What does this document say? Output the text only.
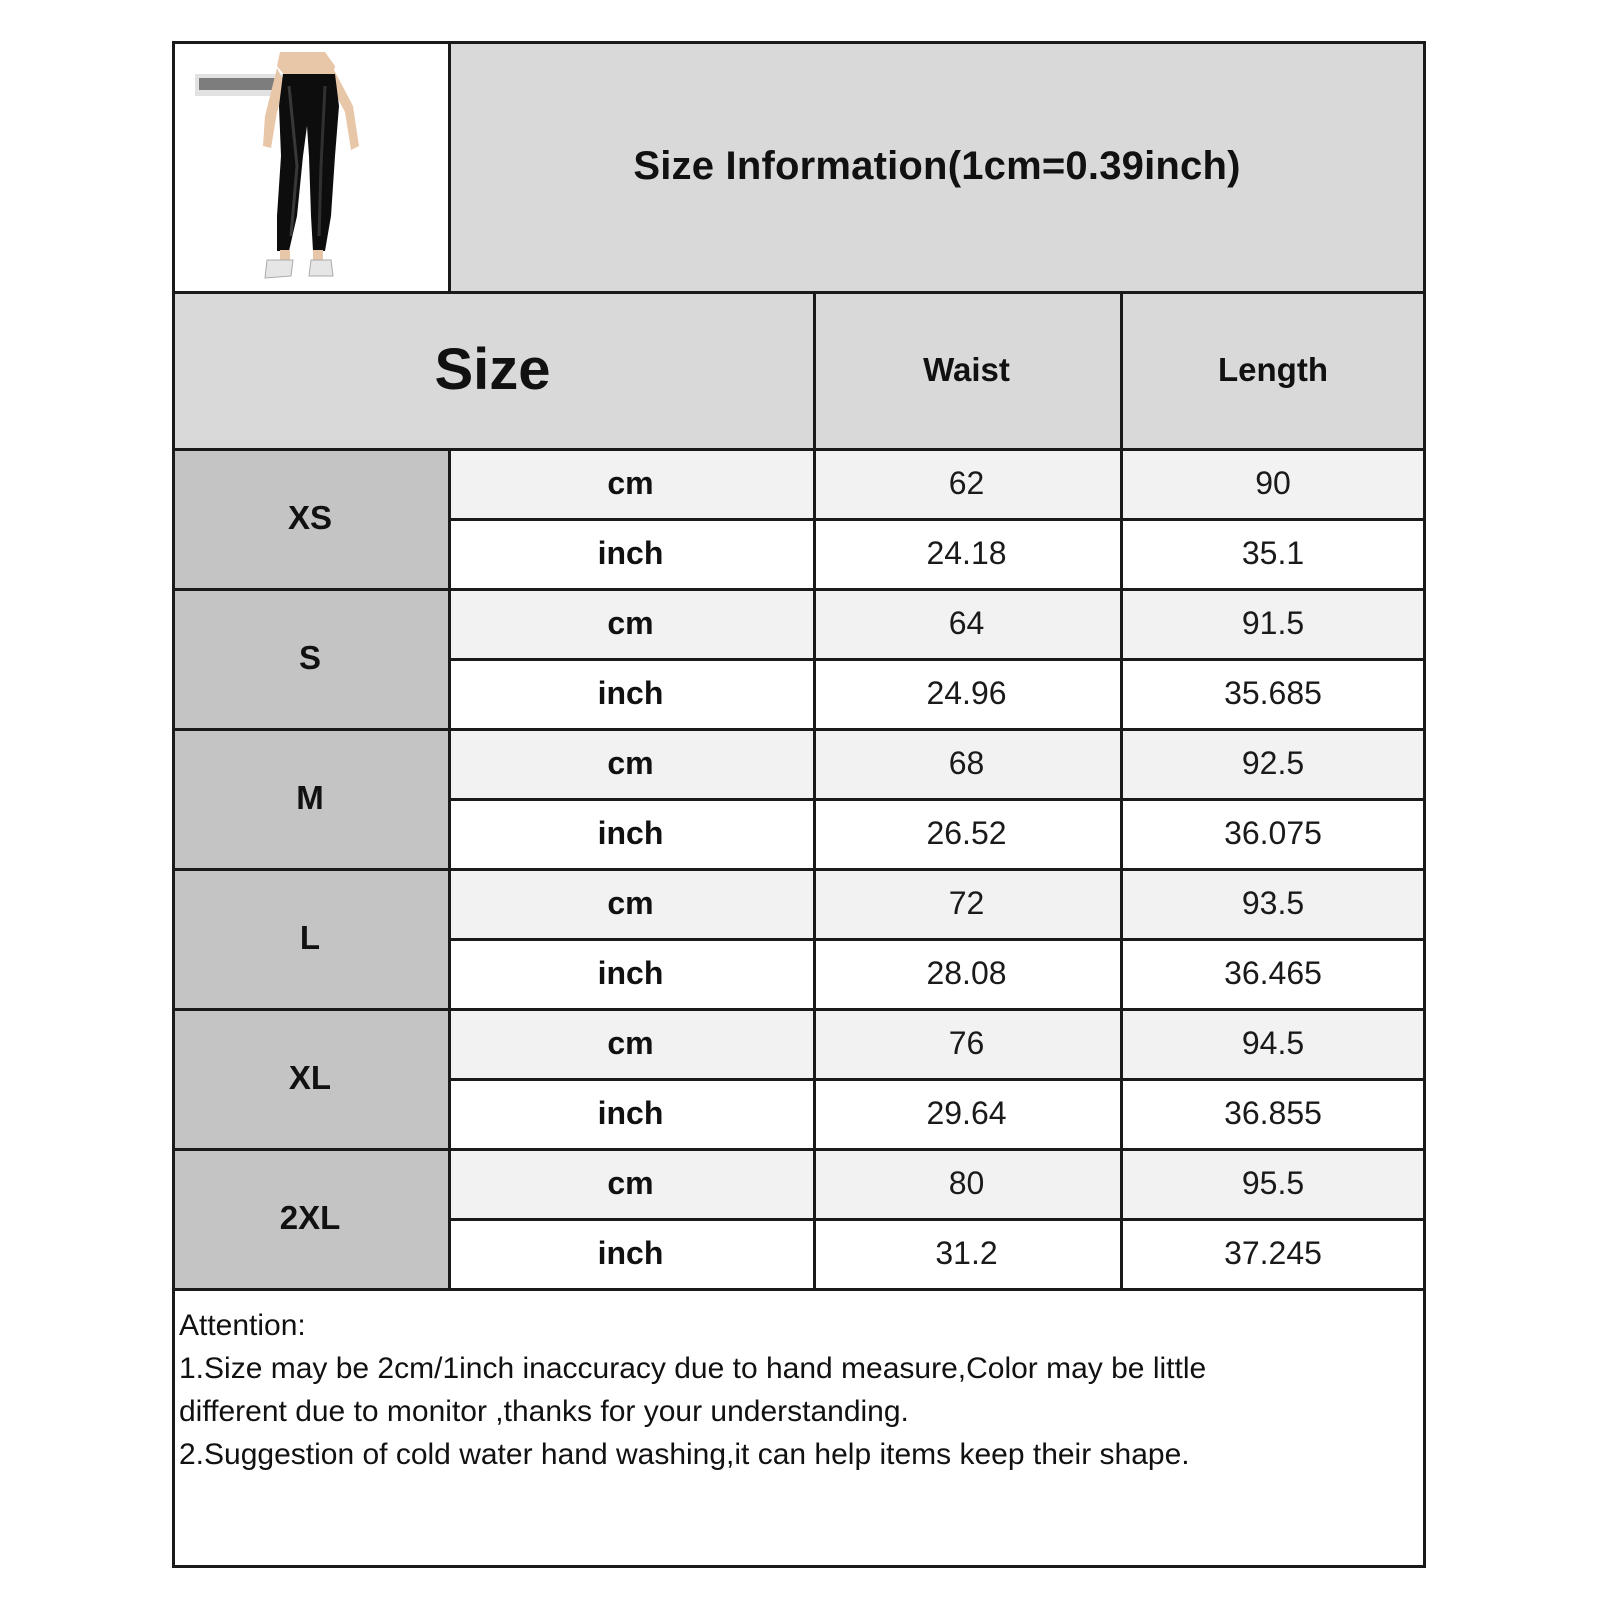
Size Information(1cm=0.39inch)
Size	Waist	Length
XS
cm	62	90
inch	24.18	35.1
S
cm	64	91.5
inch	24.96	35.685
M
cm	68	92.5
inch	26.52	36.075
L
cm	72	93.5
inch	28.08	36.465
XL
cm	76	94.5
inch	29.64	36.855
2XL
cm	80	95.5
inch	31.2	37.245
Attention:
1.Size may be 2cm/1inch inaccuracy due to hand measure,Color may be little
different due to monitor ,thanks for your understanding.
2.Suggestion of cold water hand washing,it can help items keep their shape.
